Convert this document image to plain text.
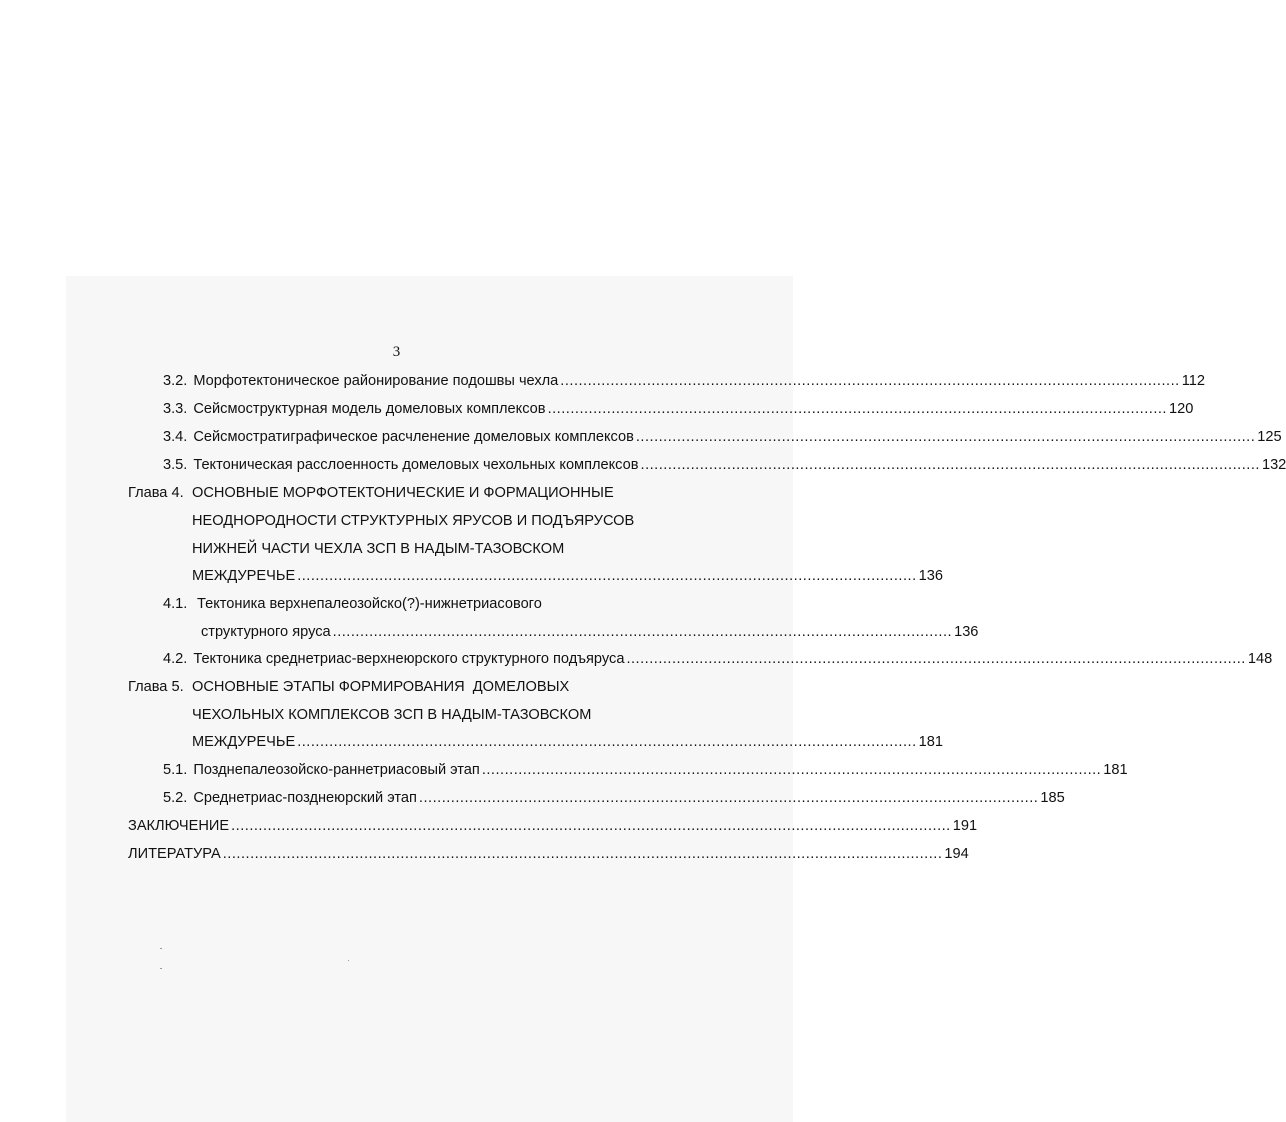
3
3.2. Морфотектоническое районирование подошвы чехла ........................................................................................................................................ 112
3.3. Сейсмоструктурная модель домеловых комплексов ........................................................................................................................................ 120
3.4. Сейсмостратиграфическое расчленение домеловых комплексов ........................................................................................................................................ 125
3.5. Тектоническая расслоенность домеловых чехольных комплексов ........................................................................................................................................ 132
Глава 4. ОСНОВНЫЕ МОРФОТЕКТОНИЧЕСКИЕ И ФОРМАЦИОННЫЕ
НЕОДНОРОДНОСТИ СТРУКТУРНЫХ ЯРУСОВ И ПОДЪЯРУСОВ
НИЖНЕЙ ЧАСТИ ЧЕХЛА ЗСП В НАДЫМ-ТАЗОВСКОМ
МЕЖДУРЕЧЬЕ ........................................................................................................................................ 136
4.1. Тектоника верхнепалеозойско(?)-нижнетриасового
структурного яруса ........................................................................................................................................ 136
4.2. Тектоника среднетриас-верхнеюрского структурного подъяруса ........................................................................................................................................ 148
Глава 5. ОСНОВНЫЕ ЭТАПЫ ФОРМИРОВАНИЯ  ДОМЕЛОВЫХ
ЧЕХОЛЬНЫХ КОМПЛЕКСОВ ЗСП В НАДЫМ-ТАЗОВСКОМ
МЕЖДУРЕЧЬЕ ........................................................................................................................................ 181
5.1. Позднепалеозойско-раннетриасовый этап ........................................................................................................................................ 181
5.2. Среднетриас-позднеюрский этап ........................................................................................................................................ 185
ЗАКЛЮЧЕНИЕ .............................................................................................................................................................. 191
ЛИТЕРАТУРА .............................................................................................................................................................. 194
